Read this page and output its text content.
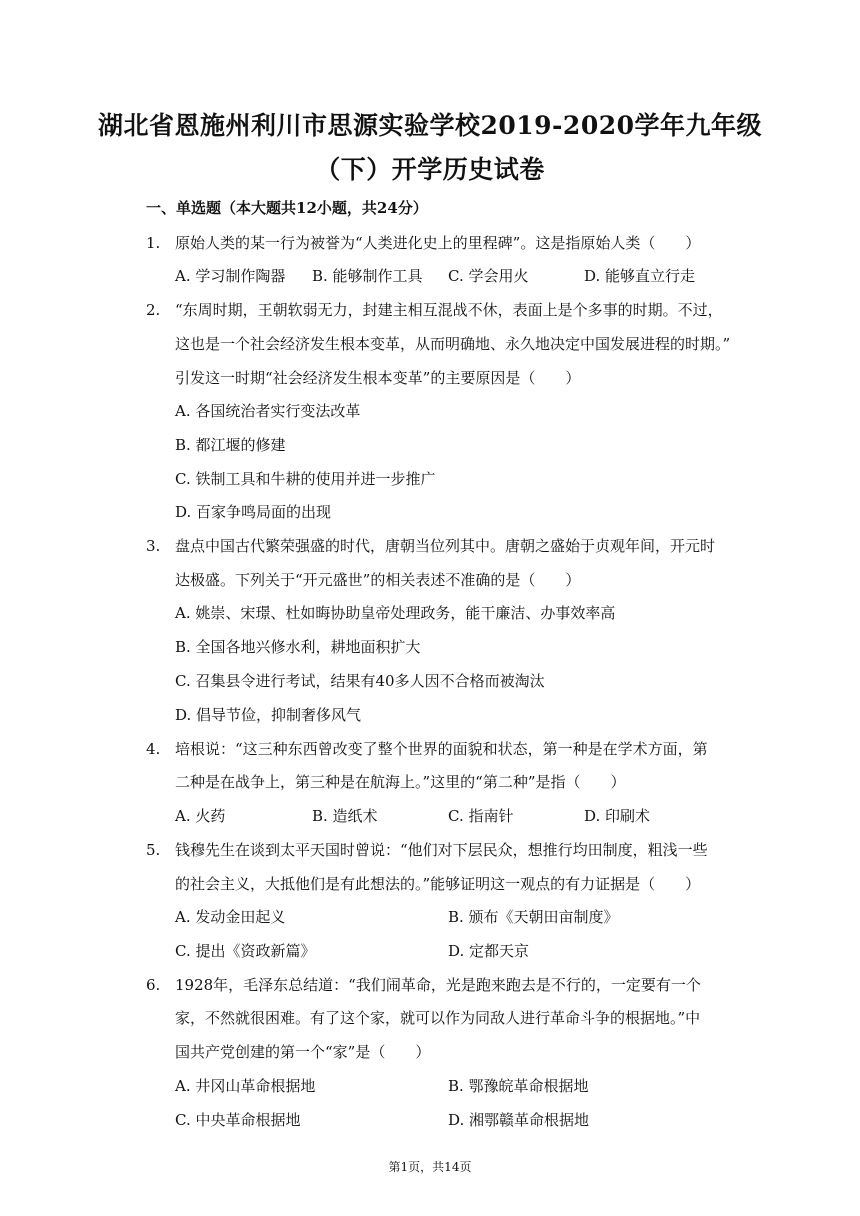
湖北省恩施州利川市思源实验学校2019-2020学年九年级
（下）开学历史试卷
一、单选题（本大题共12小题，共24分）
1. 原始人类的某一行为被誉为“人类进化史上的里程碑”。这是指原始人类（　　）
A. 学习制作陶器 B. 能够制作工具 C. 学会用火	D. 能够直立行走
2. “东周时期，王朝软弱无力，封建主相互混战不休，表面上是个多事的时期。不过，
这也是一个社会经济发生根本变革，从而明确地、永久地决定中国发展进程的时期。”
引发这一时期“社会经济发生根本变革”的主要原因是（　　）
A. 各国统治者实行变法改革
B. 都江堰的修建
C. 铁制工具和牛耕的使用并进一步推广
D. 百家争鸣局面的出现
3. 盘点中国古代繁荣强盛的时代，唐朝当位列其中。唐朝之盛始于贞观年间，开元时
达极盛。下列关于“开元盛世”的相关表述不准确的是（　　）
A. 姚崇、宋璟、杜如晦协助皇帝处理政务，能干廉洁、办事效率高
B. 全国各地兴修水利，耕地面积扩大
C. 召集县令进行考试，结果有40多人因不合格而被淘汰
D. 倡导节俭，抑制奢侈风气
4. 培根说：“这三种东西曾改变了整个世界的面貌和状态，第一种是在学术方面，第
二种是在战争上，第三种是在航海上。”这里的“第二种”是指（　　）
A. 火药	B. 造纸术	C. 指南针	D. 印刷术
5. 钱穆先生在谈到太平天国时曾说：“他们对下层民众，想推行均田制度，粗浅一些
的社会主义，大抵他们是有此想法的。”能够证明这一观点的有力证据是（　　）
A. 发动金田起义	B. 颁布《天朝田亩制度》
C. 提出《资政新篇》	D. 定都天京
6. 1928年，毛泽东总结道：“我们闹革命，光是跑来跑去是不行的，一定要有一个
家，不然就很困难。有了这个家，就可以作为同敌人进行革命斗争的根据地。”中
国共产党创建的第一个“家”是（　　）
A. 井冈山革命根据地	B. 鄂豫皖革命根据地
C. 中央革命根据地	D. 湘鄂赣革命根据地
第1页，共14页
